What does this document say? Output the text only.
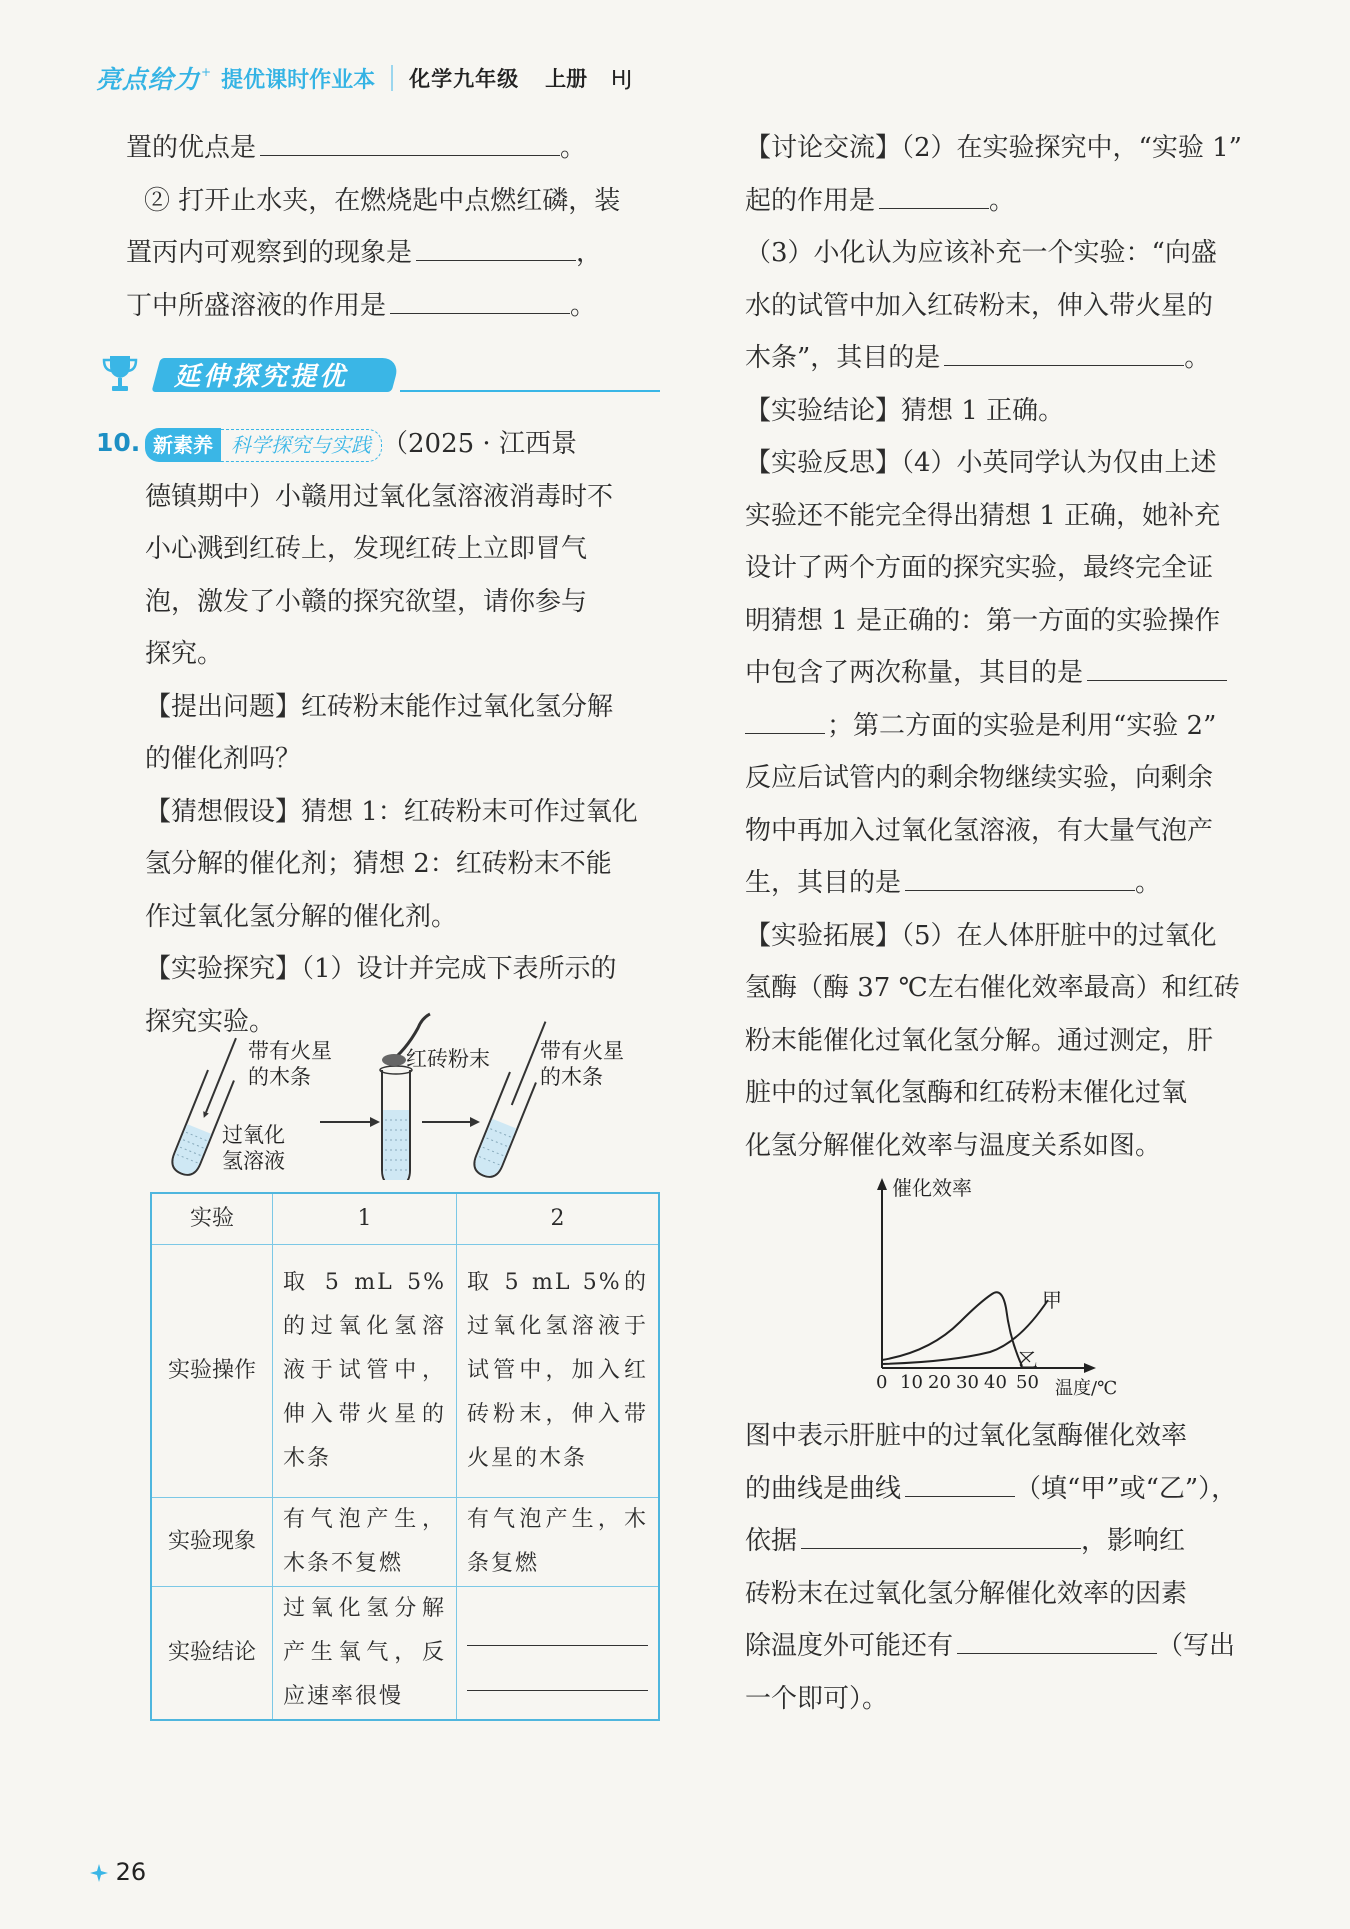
亮点给力 + 提优课时作业本 化学九年级 上册 HJ
置的优点是	。
② 打开止水夹，在燃烧匙中点燃红磷，装
置丙内可观察到的现象是	，
丁中所盛溶液的作用是	。
延伸探究提优
10. 新素养 科学探究与实践 （2025 · 江西景
德镇期中）小赣用过氧化氢溶液消毒时不
小心溅到红砖上，发现红砖上立即冒气
泡，激发了小赣的探究欲望，请你参与
探究。
【提出问题】红砖粉末能作过氧化氢分解
的催化剂吗？
【猜想假设】猜想 1：红砖粉末可作过氧化
氢分解的催化剂；猜想 2：红砖粉末不能
作过氧化氢分解的催化剂。
【实验探究】（1）设计并完成下表所示的
探究实验。
带有火星
的木条
过氧化
氢溶液
红砖粉末 带有火星
的木条
实验	1	2
实验操作	取 5 mL 5%的过氧化氢溶液于试管中，伸入带火星的木条	取 5 mL 5%的过氧化氢溶液于试管中，加入红砖粉末，伸入带火星的木条
实验现象	有气泡产生，木条不复燃	有气泡产生，木条复燃
实验结论	过氧化氢分解产生氧气，反应速率很慢	
【讨论交流】（2）在实验探究中，“实验 1”
起的作用是	。
（3）小化认为应该补充一个实验：“向盛
水的试管中加入红砖粉末，伸入带火星的
木条”，其目的是	。
【实验结论】猜想 1 正确。
【实验反思】（4）小英同学认为仅由上述
实验还不能完全得出猜想 1 正确，她补充
设计了两个方面的探究实验，最终完全证
明猜想 1 是正确的：第一方面的实验操作
中包含了两次称量，其目的是
；第二方面的实验是利用“实验 2”
反应后试管内的剩余物继续实验，向剩余
物中再加入过氧化氢溶液，有大量气泡产
生，其目的是	。
【实验拓展】（5）在人体肝脏中的过氧化
氢酶（酶 37 ℃左右催化效率最高）和红砖
粉末能催化过氧化氢分解。通过测定，肝
脏中的过氧化氢酶和红砖粉末催化过氧
化氢分解催化效率与温度关系如图。
催化效率
甲
乙
0 10 20 30 40 50 温度/℃
图中表示肝脏中的过氧化氢酶催化效率
的曲线是曲线	（填“甲”或“乙”），
依据	，影响红
砖粉末在过氧化氢分解催化效率的因素
除温度外可能还有	（写出
一个即可）。
26
